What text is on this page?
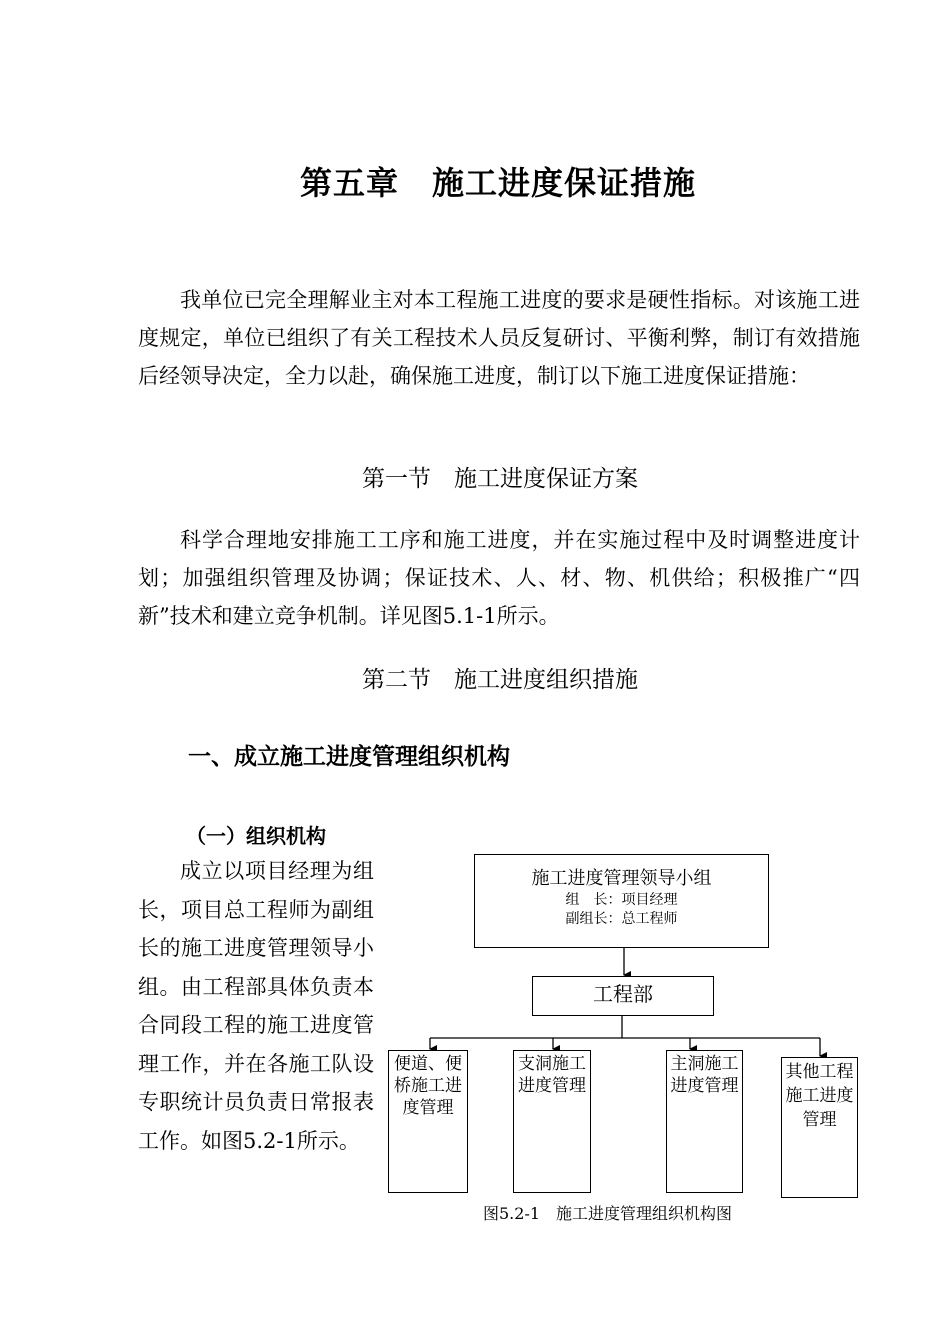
第五章　施工进度保证措施

我单位已完全理解业主对本工程施工进度的要求是硬性指标。对该施工进度规定，单位已组织了有关工程技术人员反复研讨、平衡利弊，制订有效措施后经领导决定，全力以赴，确保施工进度，制订以下施工进度保证措施：

第一节　施工进度保证方案

科学合理地安排施工工序和施工进度，并在实施过程中及时调整进度计划；加强组织管理及协调；保证技术、人、材、物、机供给；积极推广“四新”技术和建立竞争机制。详见图5.1-1所示。

第二节　施工进度组织措施
一、成立施工进度管理组织机构
（一）组织机构

成立以项目经理为组长，项目总工程师为副组长的施工进度管理领导小组。由工程部具体负责本合同段工程的施工进度管理工作，并在各施工队设专职统计员负责日常报表工作。如图5.2-1所示。

施工进度管理领导小组
组　长：项目经理
副组长：总工程师
工程部
便道、便桥施工进度管理
支洞施工进度管理
主洞施工进度管理
其他工程施工进度管理
图5.2-1　施工进度管理组织机构图
